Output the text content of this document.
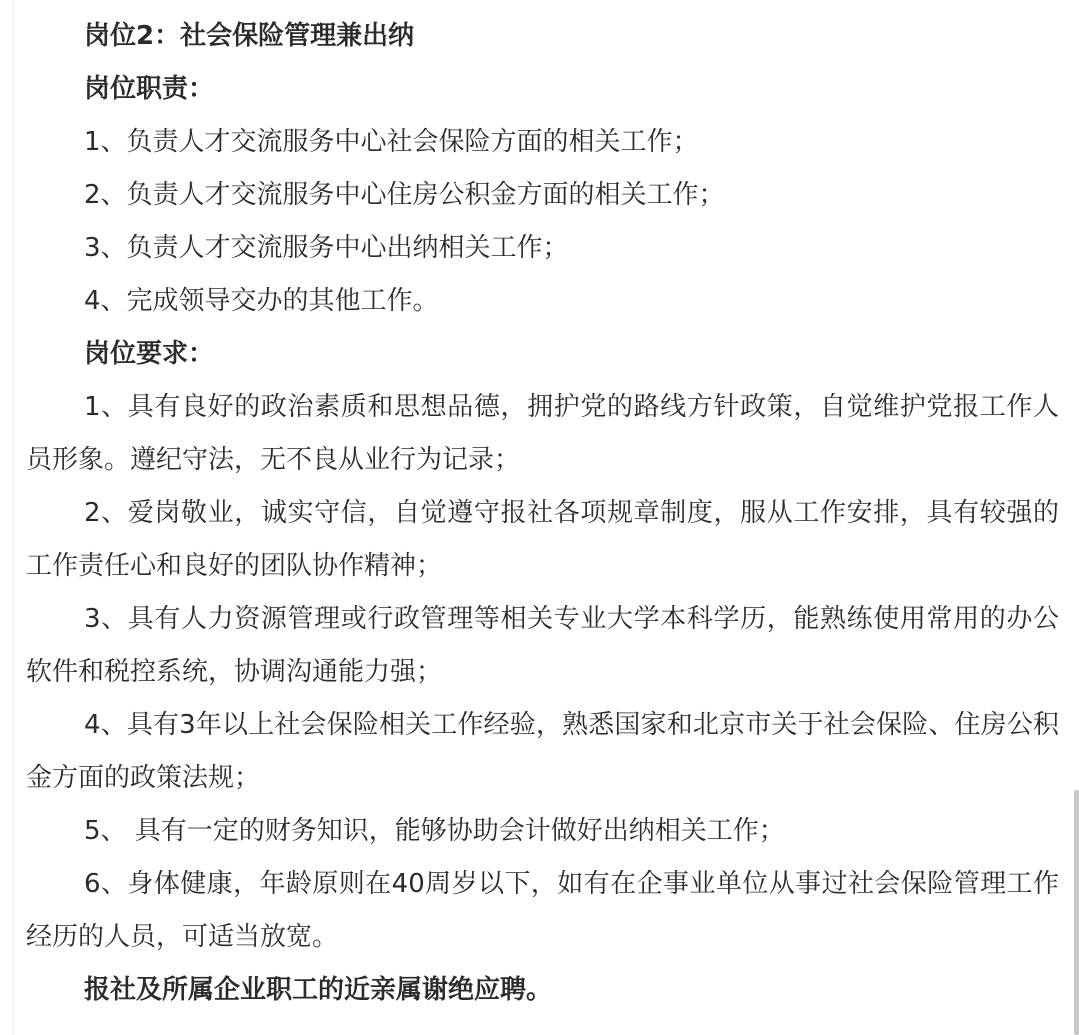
岗位2：社会保险管理兼出纳

岗位职责：

1、负责人才交流服务中心社会保险方面的相关工作；

2、负责人才交流服务中心住房公积金方面的相关工作；

3、负责人才交流服务中心出纳相关工作；

4、完成领导交办的其他工作。

岗位要求：

1、具有良好的政治素质和思想品德，拥护党的路线方针政策，自觉维护党报工作人员形象。遵纪守法，无不良从业行为记录；

2、爱岗敬业，诚实守信，自觉遵守报社各项规章制度，服从工作安排，具有较强的工作责任心和良好的团队协作精神；

3、具有人力资源管理或行政管理等相关专业大学本科学历，能熟练使用常用的办公软件和税控系统，协调沟通能力强；

4、具有3年以上社会保险相关工作经验，熟悉国家和北京市关于社会保险、住房公积金方面的政策法规；

5、 具有一定的财务知识，能够协助会计做好出纳相关工作；

6、身体健康，年龄原则在40周岁以下，如有在企事业单位从事过社会保险管理工作经历的人员，可适当放宽。

报社及所属企业职工的近亲属谢绝应聘。
